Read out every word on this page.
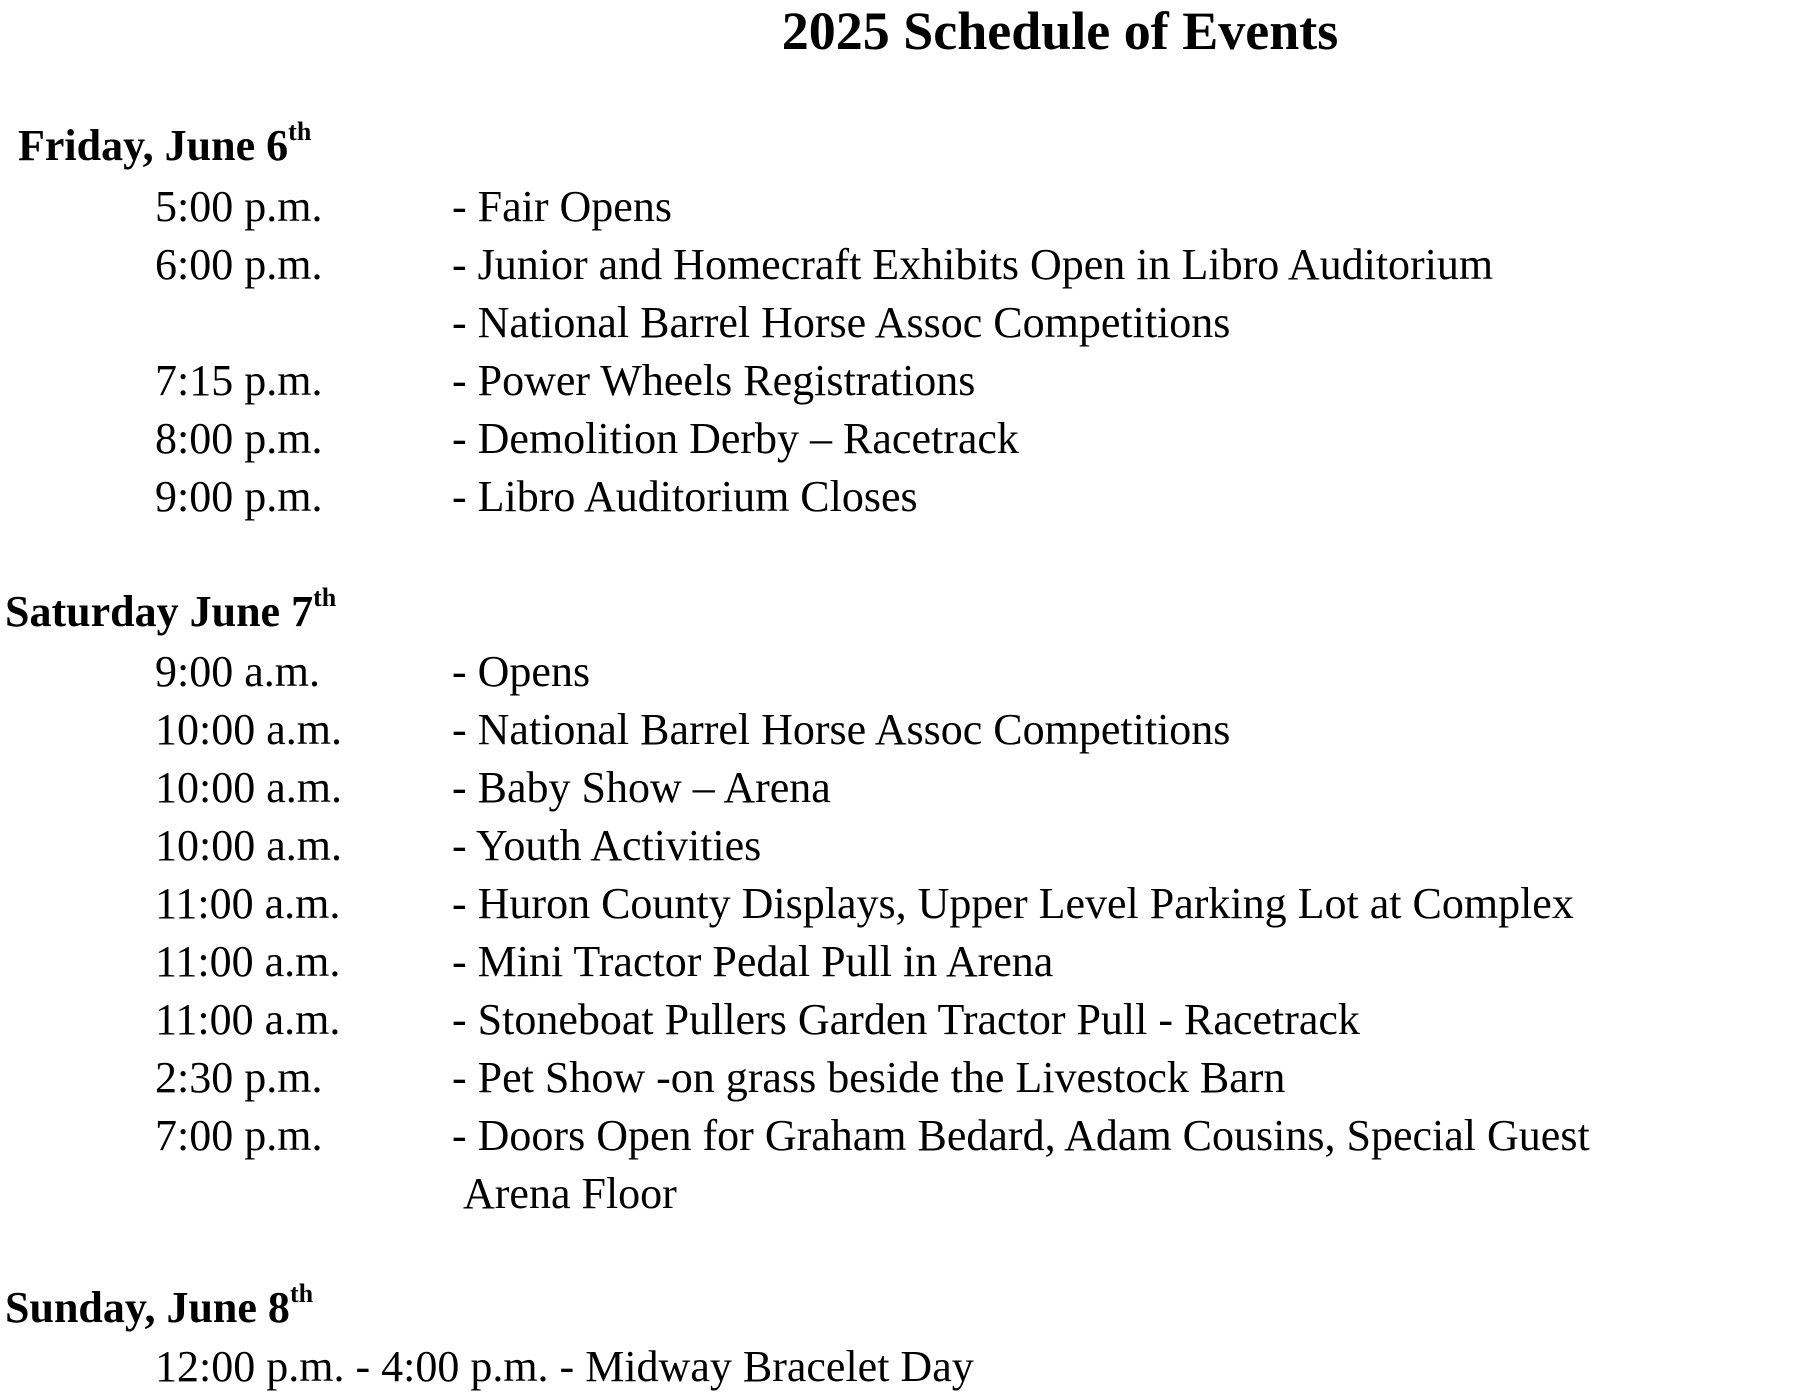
2025 Schedule of Events
Friday, June 6th
5:00 p.m.	- Fair Opens
6:00 p.m.	- Junior and Homecraft Exhibits Open in Libro Auditorium
- National Barrel Horse Assoc Competitions
7:15 p.m.	- Power Wheels Registrations
8:00 p.m.	- Demolition Derby – Racetrack
9:00 p.m.	- Libro Auditorium Closes
Saturday June 7th
9:00 a.m.	- Opens
10:00 a.m.	- National Barrel Horse Assoc Competitions
10:00 a.m.	- Baby Show – Arena
10:00 a.m.	- Youth Activities
11:00 a.m.	- Huron County Displays, Upper Level Parking Lot at Complex
11:00 a.m.	- Mini Tractor Pedal Pull in Arena
11:00 a.m.	- Stoneboat Pullers Garden Tractor Pull - Racetrack
2:30 p.m.	- Pet Show -on grass beside the Livestock Barn
7:00 p.m.	- Doors Open for Graham Bedard, Adam Cousins, Special Guest
Arena Floor
Sunday, June 8th
12:00 p.m. - 4:00 p.m. - Midway Bracelet Day
